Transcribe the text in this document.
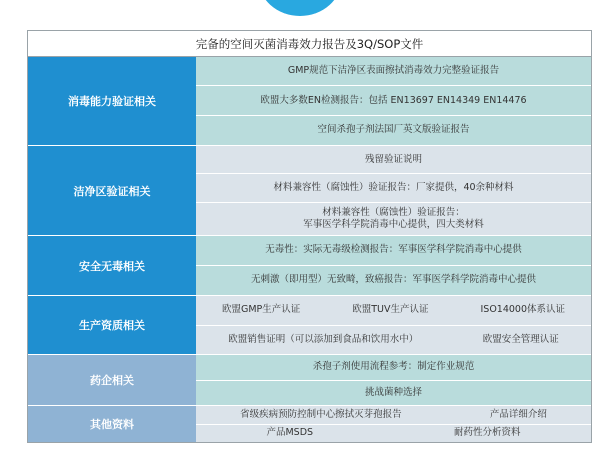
完备的空间灭菌消毒效力报告及3Q/SOP文件
消毒能力验证相关
GMP规范下洁净区表面擦拭消毒效力完整验证报告
欧盟大多数EN检测报告：包括 EN13697 EN14349 EN14476
空间杀孢子剂法国厂英文版验证报告
洁净区验证相关
残留验证说明
材料兼容性（腐蚀性）验证报告：厂家提供，40余种材料
材料兼容性（腐蚀性）验证报告：
军事医学科学院消毒中心提供，四大类材料
安全无毒相关
无毒性：实际无毒级检测报告：军事医学科学院消毒中心提供
无刺激（即用型）无致畸，致癌报告：军事医学科学院消毒中心提供
生产资质相关
欧盟GMP生产认证	欧盟TUV生产认证	ISO14000体系认证
欧盟销售证明（可以添加到食品和饮用水中）	欧盟安全管理认证
药企相关
杀孢子剂使用流程参考：制定作业规范
挑战菌种选择
其他资料
省级疾病预防控制中心擦拭灭芽孢报告	产品详细介绍
产品MSDS	耐药性分析资料
